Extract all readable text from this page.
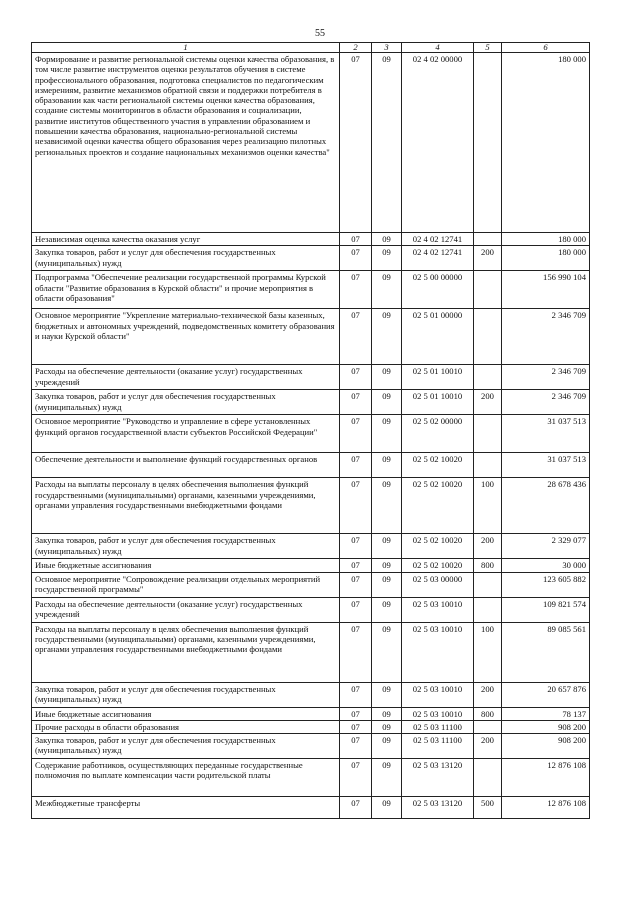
55
1	2	3	4	5	6
Формирование и развитие региональной системы оценки качества образования, в том числе развитие инструментов оценки результатов обучения в системе профессионального образования, подготовка специалистов по педагогическим измерениям, развитие механизмов обратной связи и поддержки потребителя в образовании как части региональной системы оценки качества образования, создание системы мониторингов в области образования и социализации, развитие институтов общественного участия в управлении образованием и повышении качества образования, национально-региональной системы независимой оценки качества общего образования через реализацию пилотных региональных проектов и создание национальных механизмов оценки качества"	07	09	02 4 02 00000		180 000
Независимая оценка качества оказания услуг	07	09	02 4 02 12741		180 000
Закупка товаров, работ и услуг для обеспечения государственных (муниципальных) нужд	07	09	02 4 02 12741	200	180 000
Подпрограмма "Обеспечение реализации государственной программы Курской области "Развитие образования в Курской области" и прочие мероприятия в области образования"	07	09	02 5 00 00000		156 990 104
Основное мероприятие "Укрепление материально-технической базы казенных, бюджетных и автономных учреждений, подведомственных комитету образования и науки Курской области"	07	09	02 5 01 00000		2 346 709
Расходы на обеспечение деятельности (оказание услуг) государственных учреждений	07	09	02 5 01 10010		2 346 709
Закупка товаров, работ и услуг для обеспечения государственных (муниципальных) нужд	07	09	02 5 01 10010	200	2 346 709
Основное мероприятие "Руководство и управление в сфере установленных функций органов государственной власти субъектов Российской Федерации"	07	09	02 5 02 00000		31 037 513
Обеспечение деятельности и выполнение функций государственных органов	07	09	02 5 02 10020		31 037 513
Расходы на выплаты персоналу в целях обеспечения выполнения функций государственными (муниципальными) органами, казенными учреждениями, органами управления государственными внебюджетными фондами	07	09	02 5 02 10020	100	28 678 436
Закупка товаров, работ и услуг для обеспечения государственных (муниципальных) нужд	07	09	02 5 02 10020	200	2 329 077
Иные бюджетные ассигнования	07	09	02 5 02 10020	800	30 000
Основное мероприятие "Сопровождение реализации отдельных мероприятий государственной программы"	07	09	02 5 03 00000		123 605 882
Расходы на обеспечение деятельности (оказание услуг) государственных учреждений	07	09	02 5 03 10010		109 821 574
Расходы на выплаты персоналу в целях обеспечения выполнения функций государственными (муниципальными) органами, казенными учреждениями, органами управления государственными внебюджетными фондами	07	09	02 5 03 10010	100	89 085 561
Закупка товаров, работ и услуг для обеспечения государственных (муниципальных) нужд	07	09	02 5 03 10010	200	20 657 876
Иные бюджетные ассигнования	07	09	02 5 03 10010	800	78 137
Прочие расходы в области образования	07	09	02 5 03 11100		908 200
Закупка товаров, работ и услуг для обеспечения государственных (муниципальных) нужд	07	09	02 5 03 11100	200	908 200
Содержание работников, осуществляющих переданные государственные полномочия по выплате компенсации части родительской платы	07	09	02 5 03 13120		12 876 108
Межбюджетные трансферты	07	09	02 5 03 13120	500	12 876 108
